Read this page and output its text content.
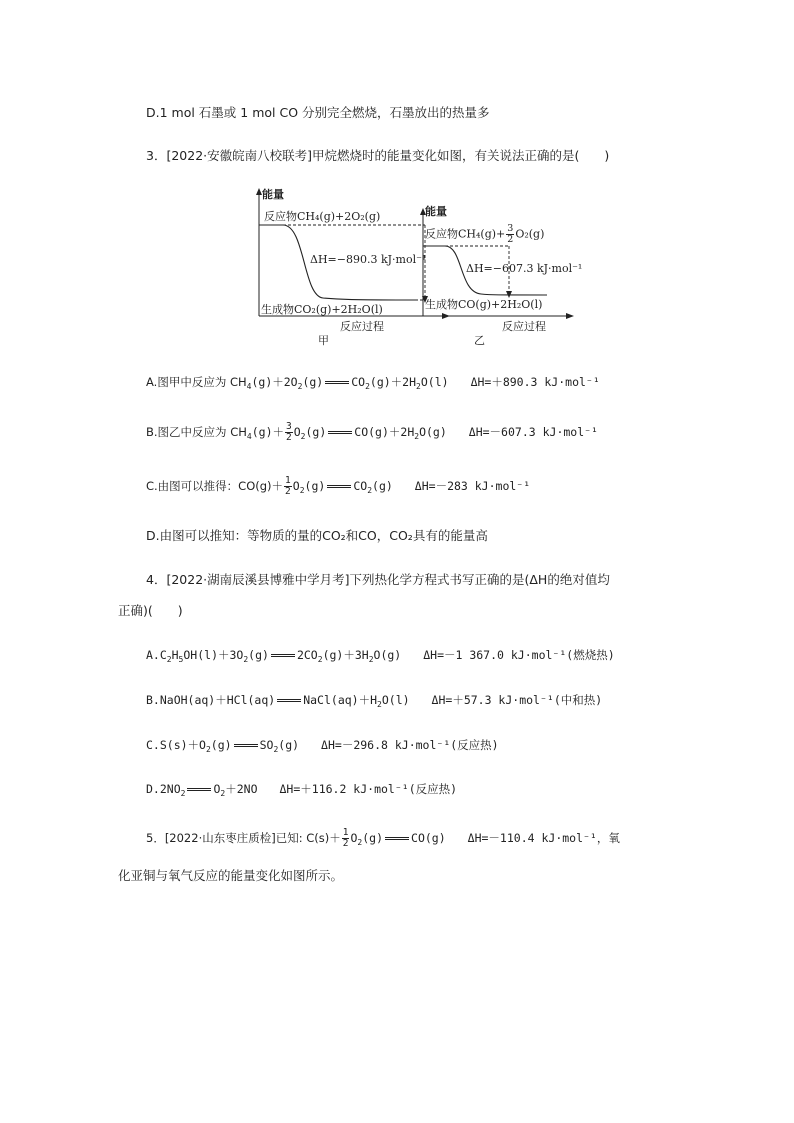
D.1 mol 石墨或 1 mol CO 分别完全燃烧，石墨放出的热量多
3．[2022·安徽皖南八校联考]甲烷燃烧时的能量变化如图，有关说法正确的是(　　)
能量
反应物CH₄(g)+2O₂(g)
ΔH=−890.3 kJ·mol⁻¹
生成物CO₂(g)+2H₂O(l)
反应过程
甲
能量
反应物$CH_4(g)+ \frac{3}{2} O_2(g)$
ΔH=−607.3 kJ·mol⁻¹
生成物CO(g)+2H₂O(l)
反应过程
乙
A.图甲中反应为 $CH_4(g)+2O_2(g)$ $CO_2(g)+2H_2O(l)$ ΔH=＋890.3 kJ·mol⁻¹
B.图乙中反应为 $CH_4(g)+ \frac{3}{2} O_2(g)$ $CO(g)+2H_2O(g)$ ΔH=－607.3 kJ·mol⁻¹
C.由图可以推得：$CO(g)+ \frac{1}{2} O_2(g)$ $CO_2(g)$ ΔH=－283 kJ·mol⁻¹
D.由图可以推知：等物质的量的CO₂和CO，CO₂具有的能量高
4．[2022·湖南辰溪县博雅中学月考]下列热化学方程式书写正确的是(ΔH的绝对值均
正确)(　　)
$A.C_2H_5OH(l)+3O_2(g)$ $2CO_2(g)+3H_2O(g)$ ΔH=－1 367.0 kJ·mol⁻¹(燃烧热)
B.NaOH(aq)＋HCl(aq) $NaCl(aq)+H_2O(l)$ ΔH=＋57.3 kJ·mol⁻¹(中和热)
$C.S(s)+O_2(g)$ $SO_2(g)$ ΔH=－296.8 kJ·mol⁻¹(反应热)
$D.2NO_2$ $O_2+2NO$ ΔH=＋116.2 kJ·mol⁻¹(反应热)
5．[2022·山东枣庄质检]已知: $C(s)+ \frac{1}{2} O_2(g)$ CO(g) ΔH=－110.4 kJ·mol⁻¹，氧
化亚铜与氧气反应的能量变化如图所示。
